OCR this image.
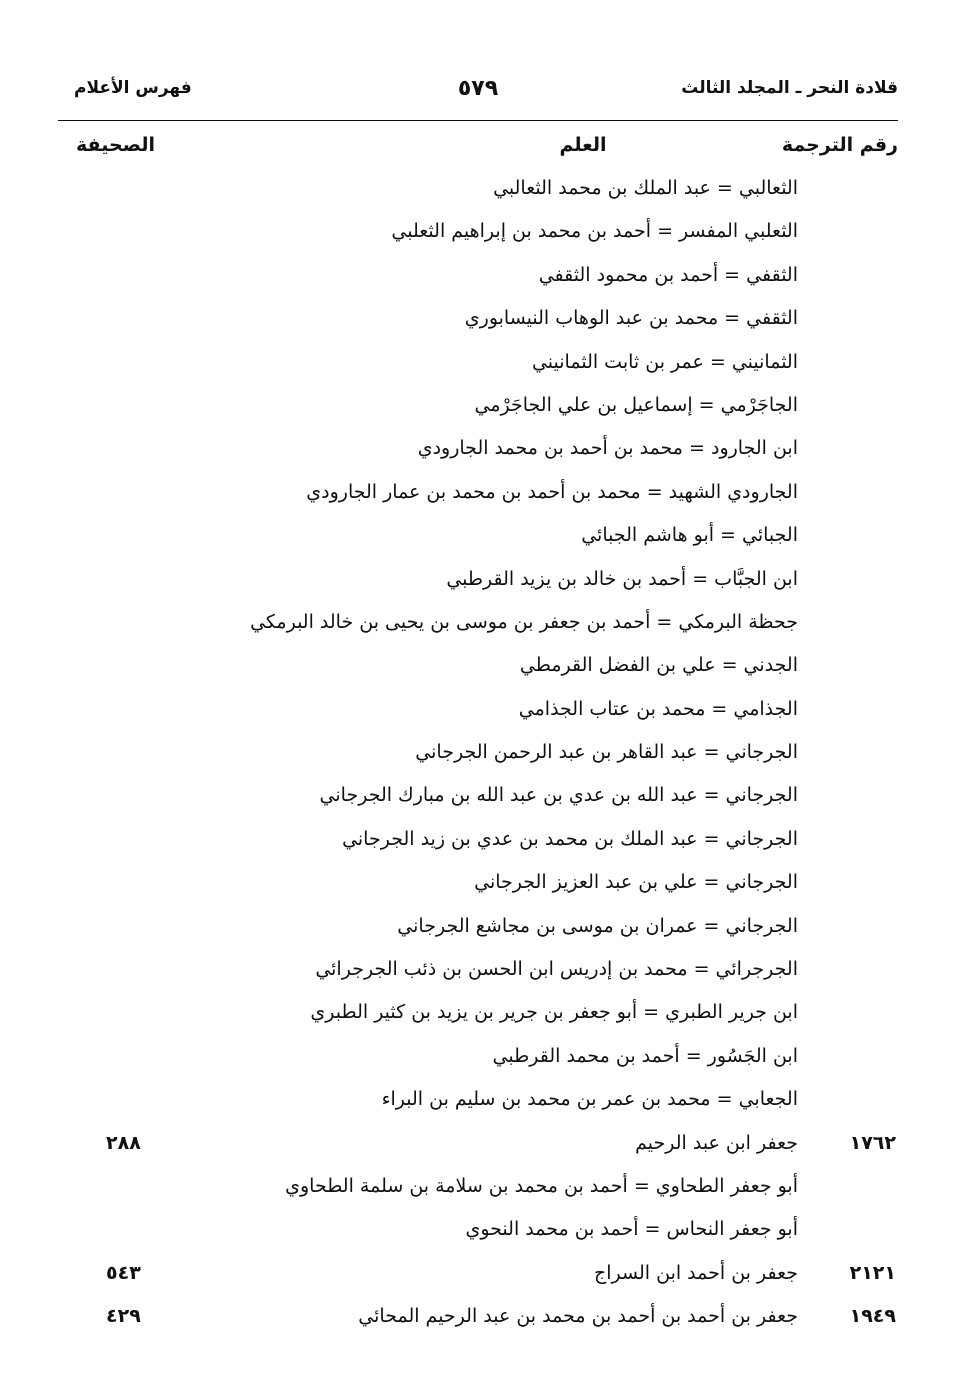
قلادة النحر ـ المجلد الثالث
٥٧٩
فهرس الأعلام
رقم الترجمة
العلم
الصحيفة
الثعالبي = عبد الملك بن محمد الثعالبي
الثعلبي المفسر = أحمد بن محمد بن إبراهيم الثعلبي
الثقفي = أحمد بن محمود الثقفي
الثقفي = محمد بن عبد الوهاب النيسابوري
الثمانيني = عمر بن ثابت الثمانيني
الجاجَرْمي = إسماعيل بن علي الجاجَرْمي
ابن الجارود = محمد بن أحمد بن محمد الجارودي
الجارودي الشهيد = محمد بن أحمد بن محمد بن عمار الجارودي
الجبائي = أبو هاشم الجبائي
ابن الجبَّاب = أحمد بن خالد بن يزيد القرطبي
جحظة البرمكي = أحمد بن جعفر بن موسى بن يحيى بن خالد البرمكي
الجدني = علي بن الفضل القرمطي
الجذامي = محمد بن عتاب الجذامي
الجرجاني = عبد القاهر بن عبد الرحمن الجرجاني
الجرجاني = عبد الله بن عدي بن عبد الله بن مبارك الجرجاني
الجرجاني = عبد الملك بن محمد بن عدي بن زيد الجرجاني
الجرجاني = علي بن عبد العزيز الجرجاني
الجرجاني = عمران بن موسى بن مجاشع الجرجاني
الجرجرائي = محمد بن إدريس ابن الحسن بن ذئب الجرجرائي
ابن جرير الطبري = أبو جعفر بن جرير بن يزيد بن كثير الطبري
ابن الجَسُور = أحمد بن محمد القرطبي
الجعابي = محمد بن عمر بن محمد بن سليم بن البراء
١٧٦٢
جعفر ابن عبد الرحيم
٢٨٨
أبو جعفر الطحاوي = أحمد بن محمد بن سلامة بن سلمة الطحاوي
أبو جعفر النحاس = أحمد بن محمد النحوي
٢١٢١
جعفر بن أحمد ابن السراج
٥٤٣
١٩٤٩
جعفر بن أحمد بن أحمد بن محمد بن عبد الرحيم المحائي
٤٢٩
